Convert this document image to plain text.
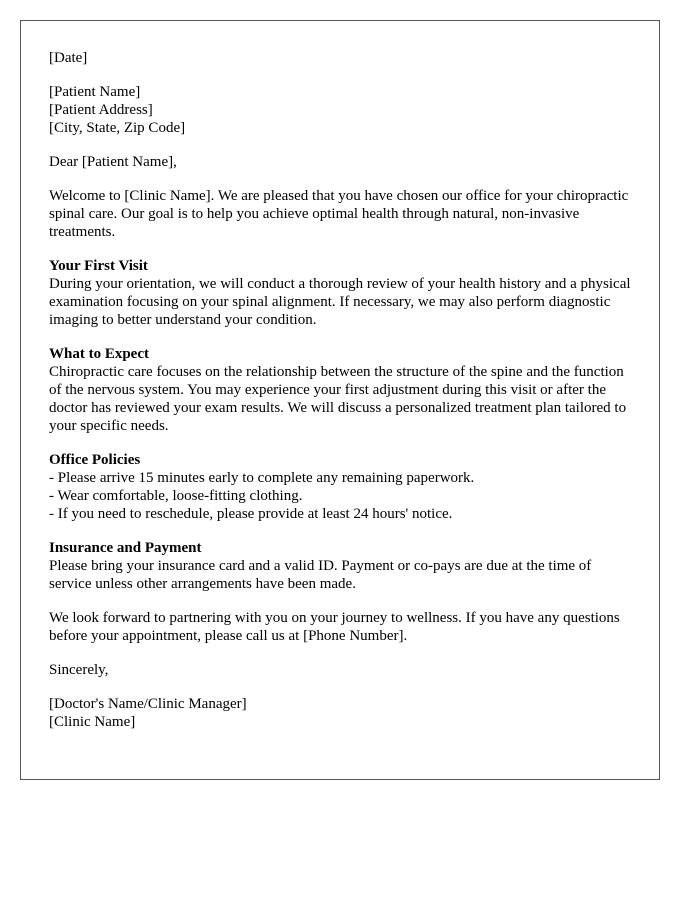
[Date]
[Patient Name]
[Patient Address]
[City, State, Zip Code]

Dear [Patient Name],

Welcome to [Clinic Name]. We are pleased that you have chosen our office for your chiropractic spinal care. Our goal is to help you achieve optimal health through natural, non-invasive treatments.

Your First Visit
During your orientation, we will conduct a thorough review of your health history and a physical examination focusing on your spinal alignment. If necessary, we may also perform diagnostic imaging to better understand your condition.
What to Expect
Chiropractic care focuses on the relationship between the structure of the spine and the function of the nervous system. You may experience your first adjustment during this visit or after the doctor has reviewed your exam results. We will discuss a personalized treatment plan tailored to your specific needs.
Office Policies
- Please arrive 15 minutes early to complete any remaining paperwork.
- Wear comfortable, loose-fitting clothing.
- If you need to reschedule, please provide at least 24 hours' notice.
Insurance and Payment
Please bring your insurance card and a valid ID. Payment or co-pays are due at the time of service unless other arrangements have been made.

We look forward to partnering with you on your journey to wellness. If you have any questions before your appointment, please call us at [Phone Number].

Sincerely,

[Doctor's Name/Clinic Manager]
[Clinic Name]
